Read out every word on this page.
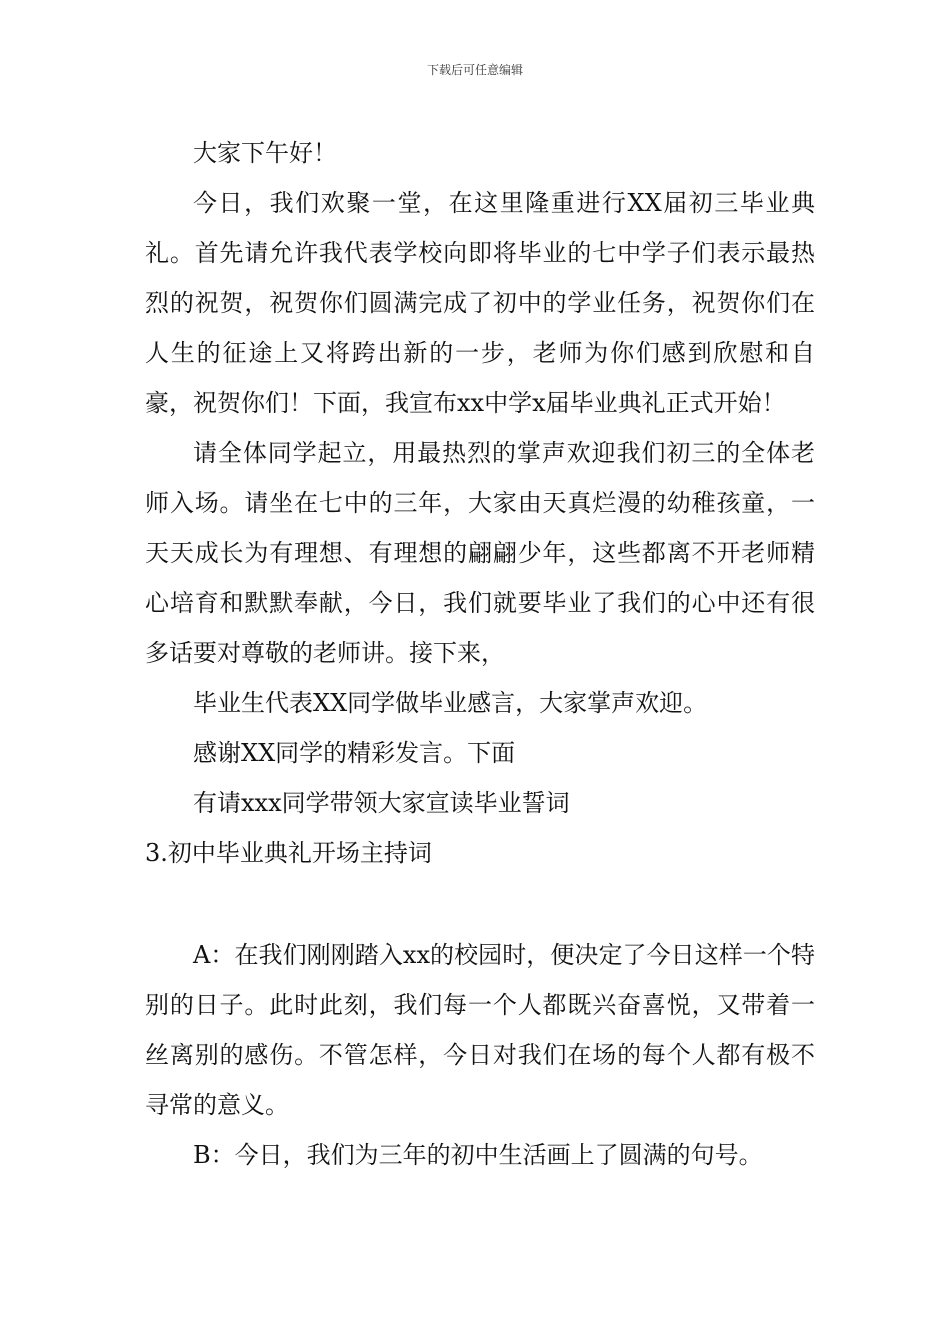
下载后可任意编辑

大家下午好！

今日，我们欢聚一堂，在这里隆重进行XX届初三毕业典礼。首先请允许我代表学校向即将毕业的七中学子们表示最热烈的祝贺，祝贺你们圆满完成了初中的学业任务，祝贺你们在人生的征途上又将跨出新的一步，老师为你们感到欣慰和自豪，祝贺你们！下面，我宣布xx中学x届毕业典礼正式开始！

请全体同学起立，用最热烈的掌声欢迎我们初三的全体老师入场。请坐在七中的三年，大家由天真烂漫的幼稚孩童，一天天成长为有理想、有理想的翩翩少年，这些都离不开老师精心培育和默默奉献，今日，我们就要毕业了我们的心中还有很多话要对尊敬的老师讲。接下来，

毕业生代表XX同学做毕业感言，大家掌声欢迎。

感谢XX同学的精彩发言。下面

有请xxx同学带领大家宣读毕业誓词

3.初中毕业典礼开场主持词

A：在我们刚刚踏入xx的校园时，便决定了今日这样一个特别的日子。此时此刻，我们每一个人都既兴奋喜悦，又带着一丝离别的感伤。不管怎样，今日对我们在场的每个人都有极不寻常的意义。

B：今日，我们为三年的初中生活画上了圆满的句号。
